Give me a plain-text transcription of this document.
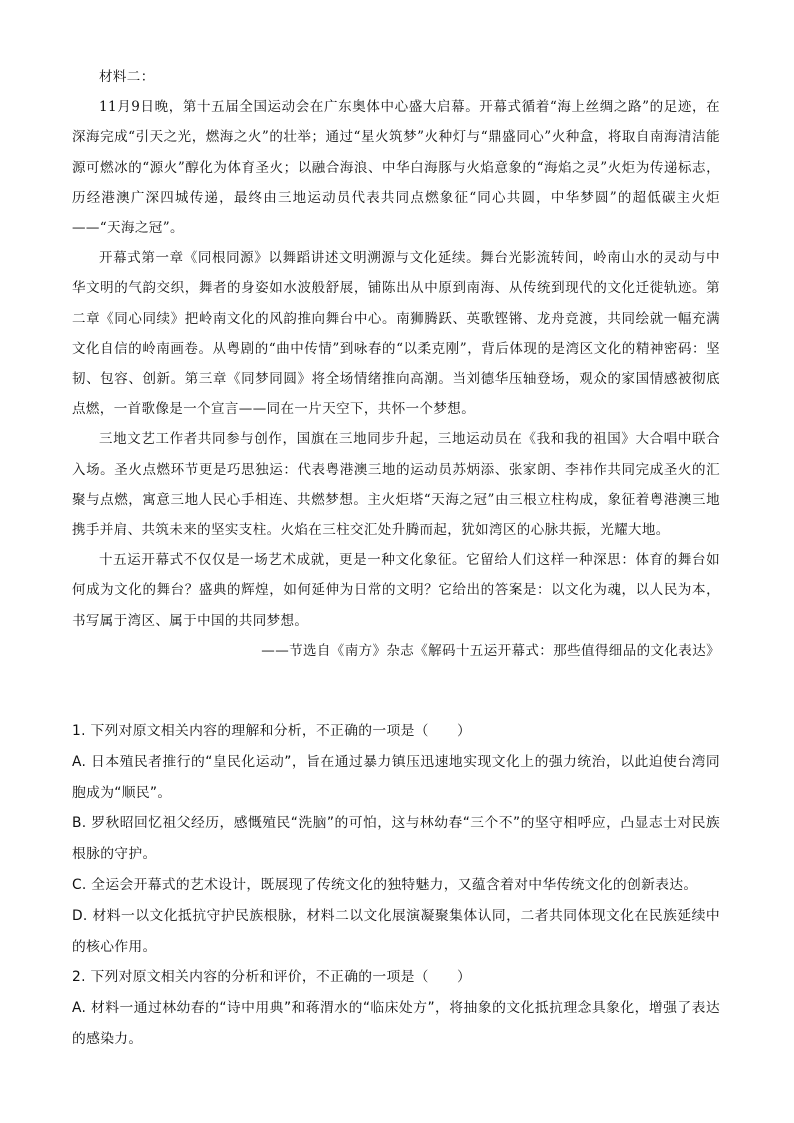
材料二：

11月9日晚，第十五届全国运动会在广东奥体中心盛大启幕。开幕式循着“海上丝绸之路”的足迹，在深海完成“引天之光，燃海之火”的壮举；通过“星火筑梦”火种灯与“鼎盛同心”火种盒，将取自南海清洁能源可燃冰的“源火”醇化为体育圣火；以融合海浪、中华白海豚与火焰意象的“海焰之灵”火炬为传递标志，历经港澳广深四城传递，最终由三地运动员代表共同点燃象征“同心共圆，中华梦圆”的超低碳主火炬——“天海之冠”。

开幕式第一章《同根同源》以舞蹈讲述文明溯源与文化延续。舞台光影流转间，岭南山水的灵动与中华文明的气韵交织，舞者的身姿如水波般舒展，铺陈出从中原到南海、从传统到现代的文化迁徙轨迹。第二章《同心同续》把岭南文化的风韵推向舞台中心。南狮腾跃、英歌铿锵、龙舟竞渡，共同绘就一幅充满文化自信的岭南画卷。从粤剧的“曲中传情”到咏春的“以柔克刚”，背后体现的是湾区文化的精神密码：坚韧、包容、创新。第三章《同梦同圆》将全场情绪推向高潮。当刘德华压轴登场，观众的家国情感被彻底点燃，一首歌像是一个宣言——同在一片天空下，共怀一个梦想。

三地文艺工作者共同参与创作，国旗在三地同步升起，三地运动员在《我和我的祖国》大合唱中联合入场。圣火点燃环节更是巧思独运：代表粤港澳三地的运动员苏炳添、张家朗、李祎作共同完成圣火的汇聚与点燃，寓意三地人民心手相连、共燃梦想。主火炬塔“天海之冠”由三根立柱构成，象征着粤港澳三地携手并肩、共筑未来的坚实支柱。火焰在三柱交汇处升腾而起，犹如湾区的心脉共振，光耀大地。

十五运开幕式不仅仅是一场艺术成就，更是一种文化象征。它留给人们这样一种深思：体育的舞台如何成为文化的舞台？盛典的辉煌，如何延伸为日常的文明？它给出的答案是：以文化为魂，以人民为本，书写属于湾区、属于中国的共同梦想。

——节选自《南方》杂志《解码十五运开幕式：那些值得细品的文化表达》

1. 下列对原文相关内容的理解和分析，不正确的一项是（　　）

A. 日本殖民者推行的“皇民化运动”，旨在通过暴力镇压迅速地实现文化上的强力统治，以此迫使台湾同胞成为“顺民”。

B. 罗秋昭回忆祖父经历，感慨殖民“洗脑”的可怕，这与林幼春“三个不”的坚守相呼应，凸显志士对民族根脉的守护。

C. 全运会开幕式的艺术设计，既展现了传统文化的独特魅力，又蕴含着对中华传统文化的创新表达。

D. 材料一以文化抵抗守护民族根脉，材料二以文化展演凝聚集体认同，二者共同体现文化在民族延续中的核心作用。

2. 下列对原文相关内容的分析和评价，不正确的一项是（　　）

A. 材料一通过林幼春的“诗中用典”和蒋渭水的“临床处方”，将抽象的文化抵抗理念具象化，增强了表达的感染力。
